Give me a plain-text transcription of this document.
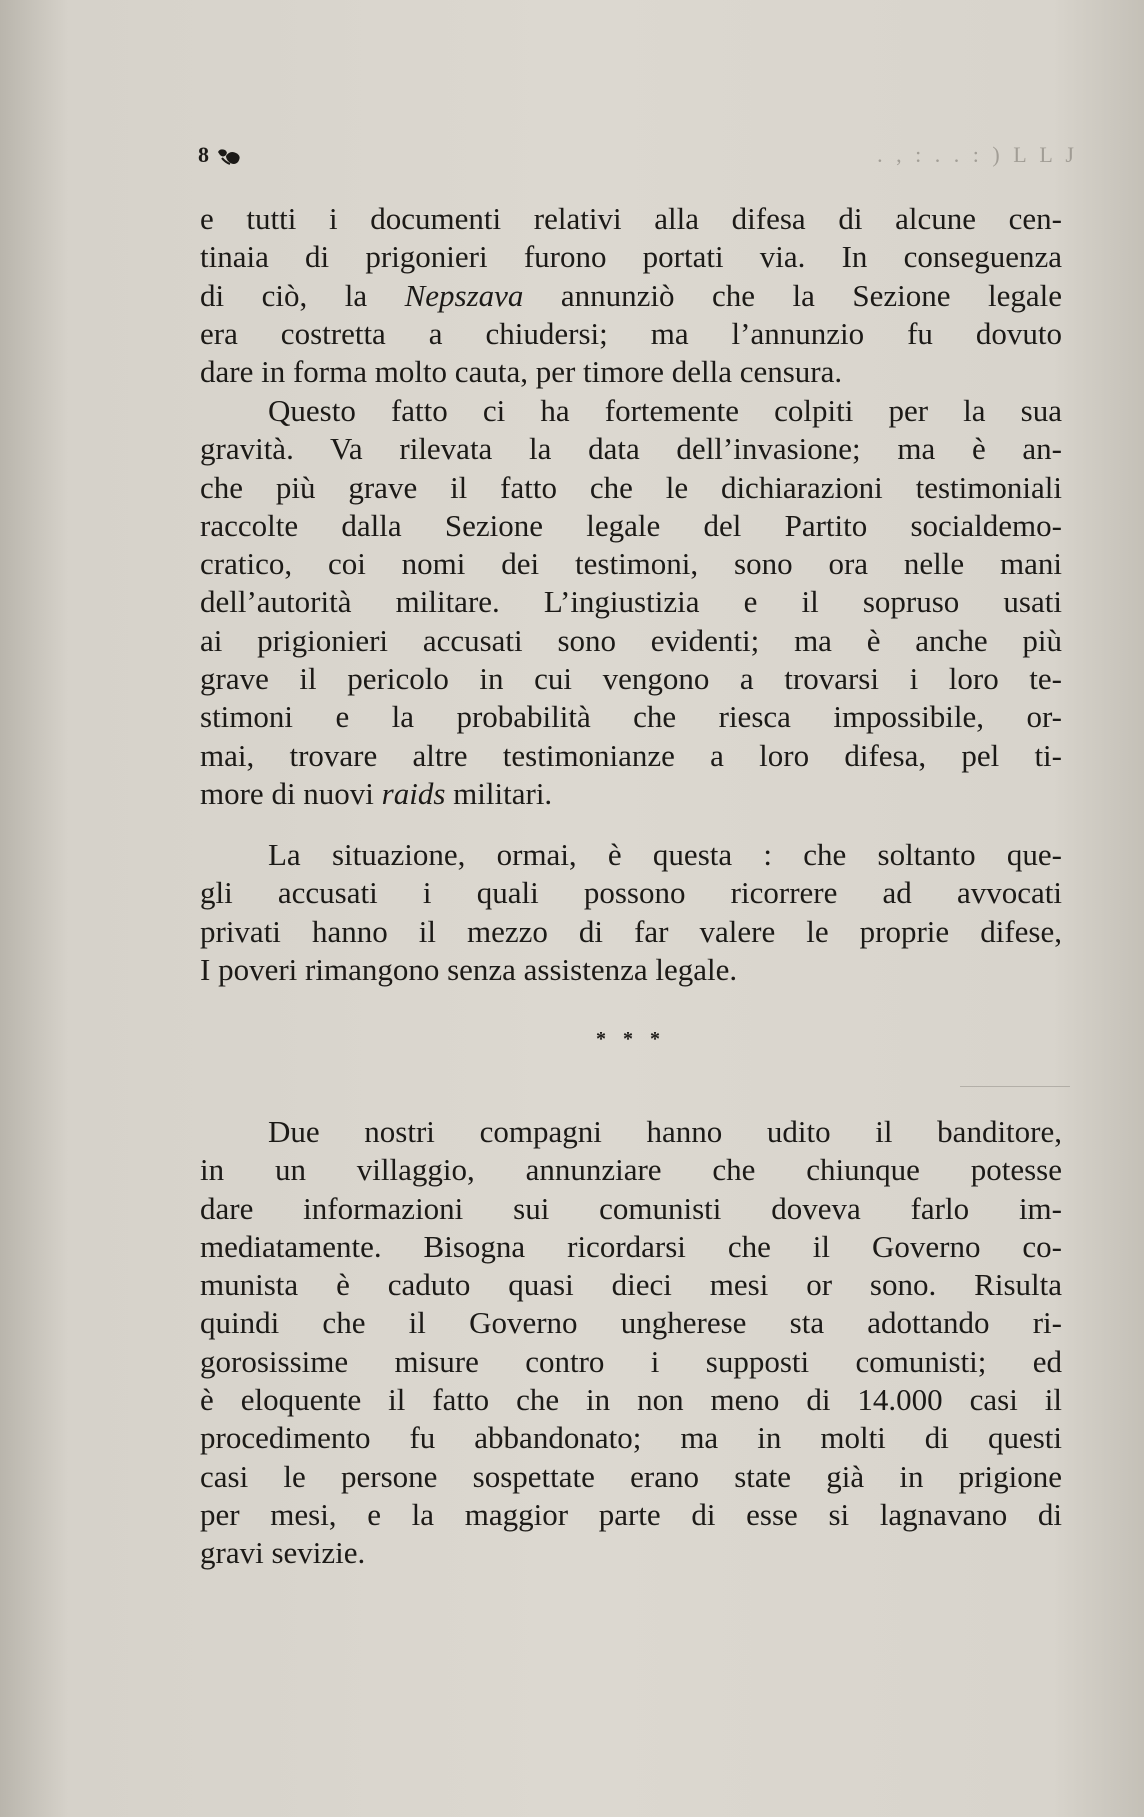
8	. , : . . : ) L L J
e tutti i documenti relativi alla difesa di alcune cen-
tinaia di prigonieri furono portati via. In conseguenza
di ciò, la Nepszava annunziò che la Sezione legale
era costretta a chiudersi; ma l’annunzio fu dovuto
dare in forma molto cauta, per timore della censura.
Questo fatto ci ha fortemente colpiti per la sua
gravità. Va rilevata la data dell’invasione; ma è an-
che più grave il fatto che le dichiarazioni testimoniali
raccolte dalla Sezione legale del Partito socialdemo-
cratico, coi nomi dei testimoni, sono ora nelle mani
dell’autorità militare. L’ingiustizia e il sopruso usati
ai prigionieri accusati sono evidenti; ma è anche più
grave il pericolo in cui vengono a trovarsi i loro te-
stimoni e la probabilità che riesca impossibile, or-
mai, trovare altre testimonianze a loro difesa, pel ti-
more di nuovi raids militari.
La situazione, ormai, è questa : che soltanto que-
gli accusati i quali possono ricorrere ad avvocati
privati hanno il mezzo di far valere le proprie difese,
I poveri rimangono senza assistenza legale.
* * *
Due nostri compagni hanno udito il banditore,
in un villaggio, annunziare che chiunque potesse
dare informazioni sui comunisti doveva farlo im-
mediatamente. Bisogna ricordarsi che il Governo co-
munista è caduto quasi dieci mesi or sono. Risulta
quindi che il Governo ungherese sta adottando ri-
gorosissime misure contro i supposti comunisti; ed
è eloquente il fatto che in non meno di 14.000 casi il
procedimento fu abbandonato; ma in molti di questi
casi le persone sospettate erano state già in prigione
per mesi, e la maggior parte di esse si lagnavano di
gravi sevizie.
